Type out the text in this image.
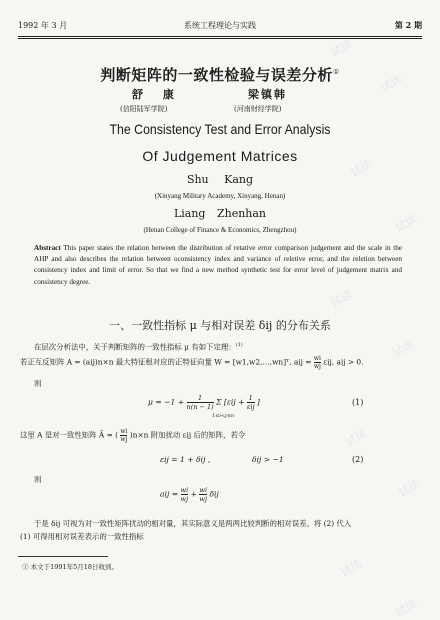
试读
试读
试读
试读
试读
试读
试读
试读
试读
试读
1992 年 3 月	系统工程理论与实践	第 2 期
判断矩阵的一致性检验与误差分析①
舒 康	梁镇韩
(信阳陆军学院)	(河南财经学院)
The Consistency Test and Error Analysis
Of Judgement Matrices
Shu Kang
(Xinyang Military Academy, Xinyang, Henan)
Liang Zhenhan
(Henan College of Finance & Economics, Zhengzhou)
Abstract This paper states the relation between the distribution of retative error comparison judgement and the scale in the AHP and also describes the relation between oconsistency index and variance of reletive error, and the reletion between consistency index and limit of error. So that we find a new method synthetic test for error level of judgement matrix and consistency degree.
一、一致性指标 μ 与相对误差 δij 的分布关系
在层次分析法中，关于判断矩阵的一致性指标 μ 有如下定理：$^{(1)}$
若正互反矩阵 A = (aij)n×n 最大特征根对应的正特征向量 W = [w1,w2,…,wn]ᵀ, aij = $\frac{wi}{wj} \varepsilon ij$, aij > 0.
则
$\mu = -1 + \frac{1}{n(n - 1)}$ Σ [εij + 1
εij
]
1≤i<j≤n
(1)
这里 A 是对一致性矩阵 Ā = ( $\frac{wi}{wj} )n\times n$ 附加扰动 εij 后的矩阵，若令
εij = 1 + δij ,	δij > −1	(2)
则
aij = $\frac{wi}{wj} + \frac{wi}{wj}$ δij
于是 δij 可视为对一致性矩阵扰动的相对量，其实际意义是两两比较判断的相对误差。将 (2) 代入
(1) 可得用相对误差表示的一致性指标
① 本文于1991年5月18日收到。
